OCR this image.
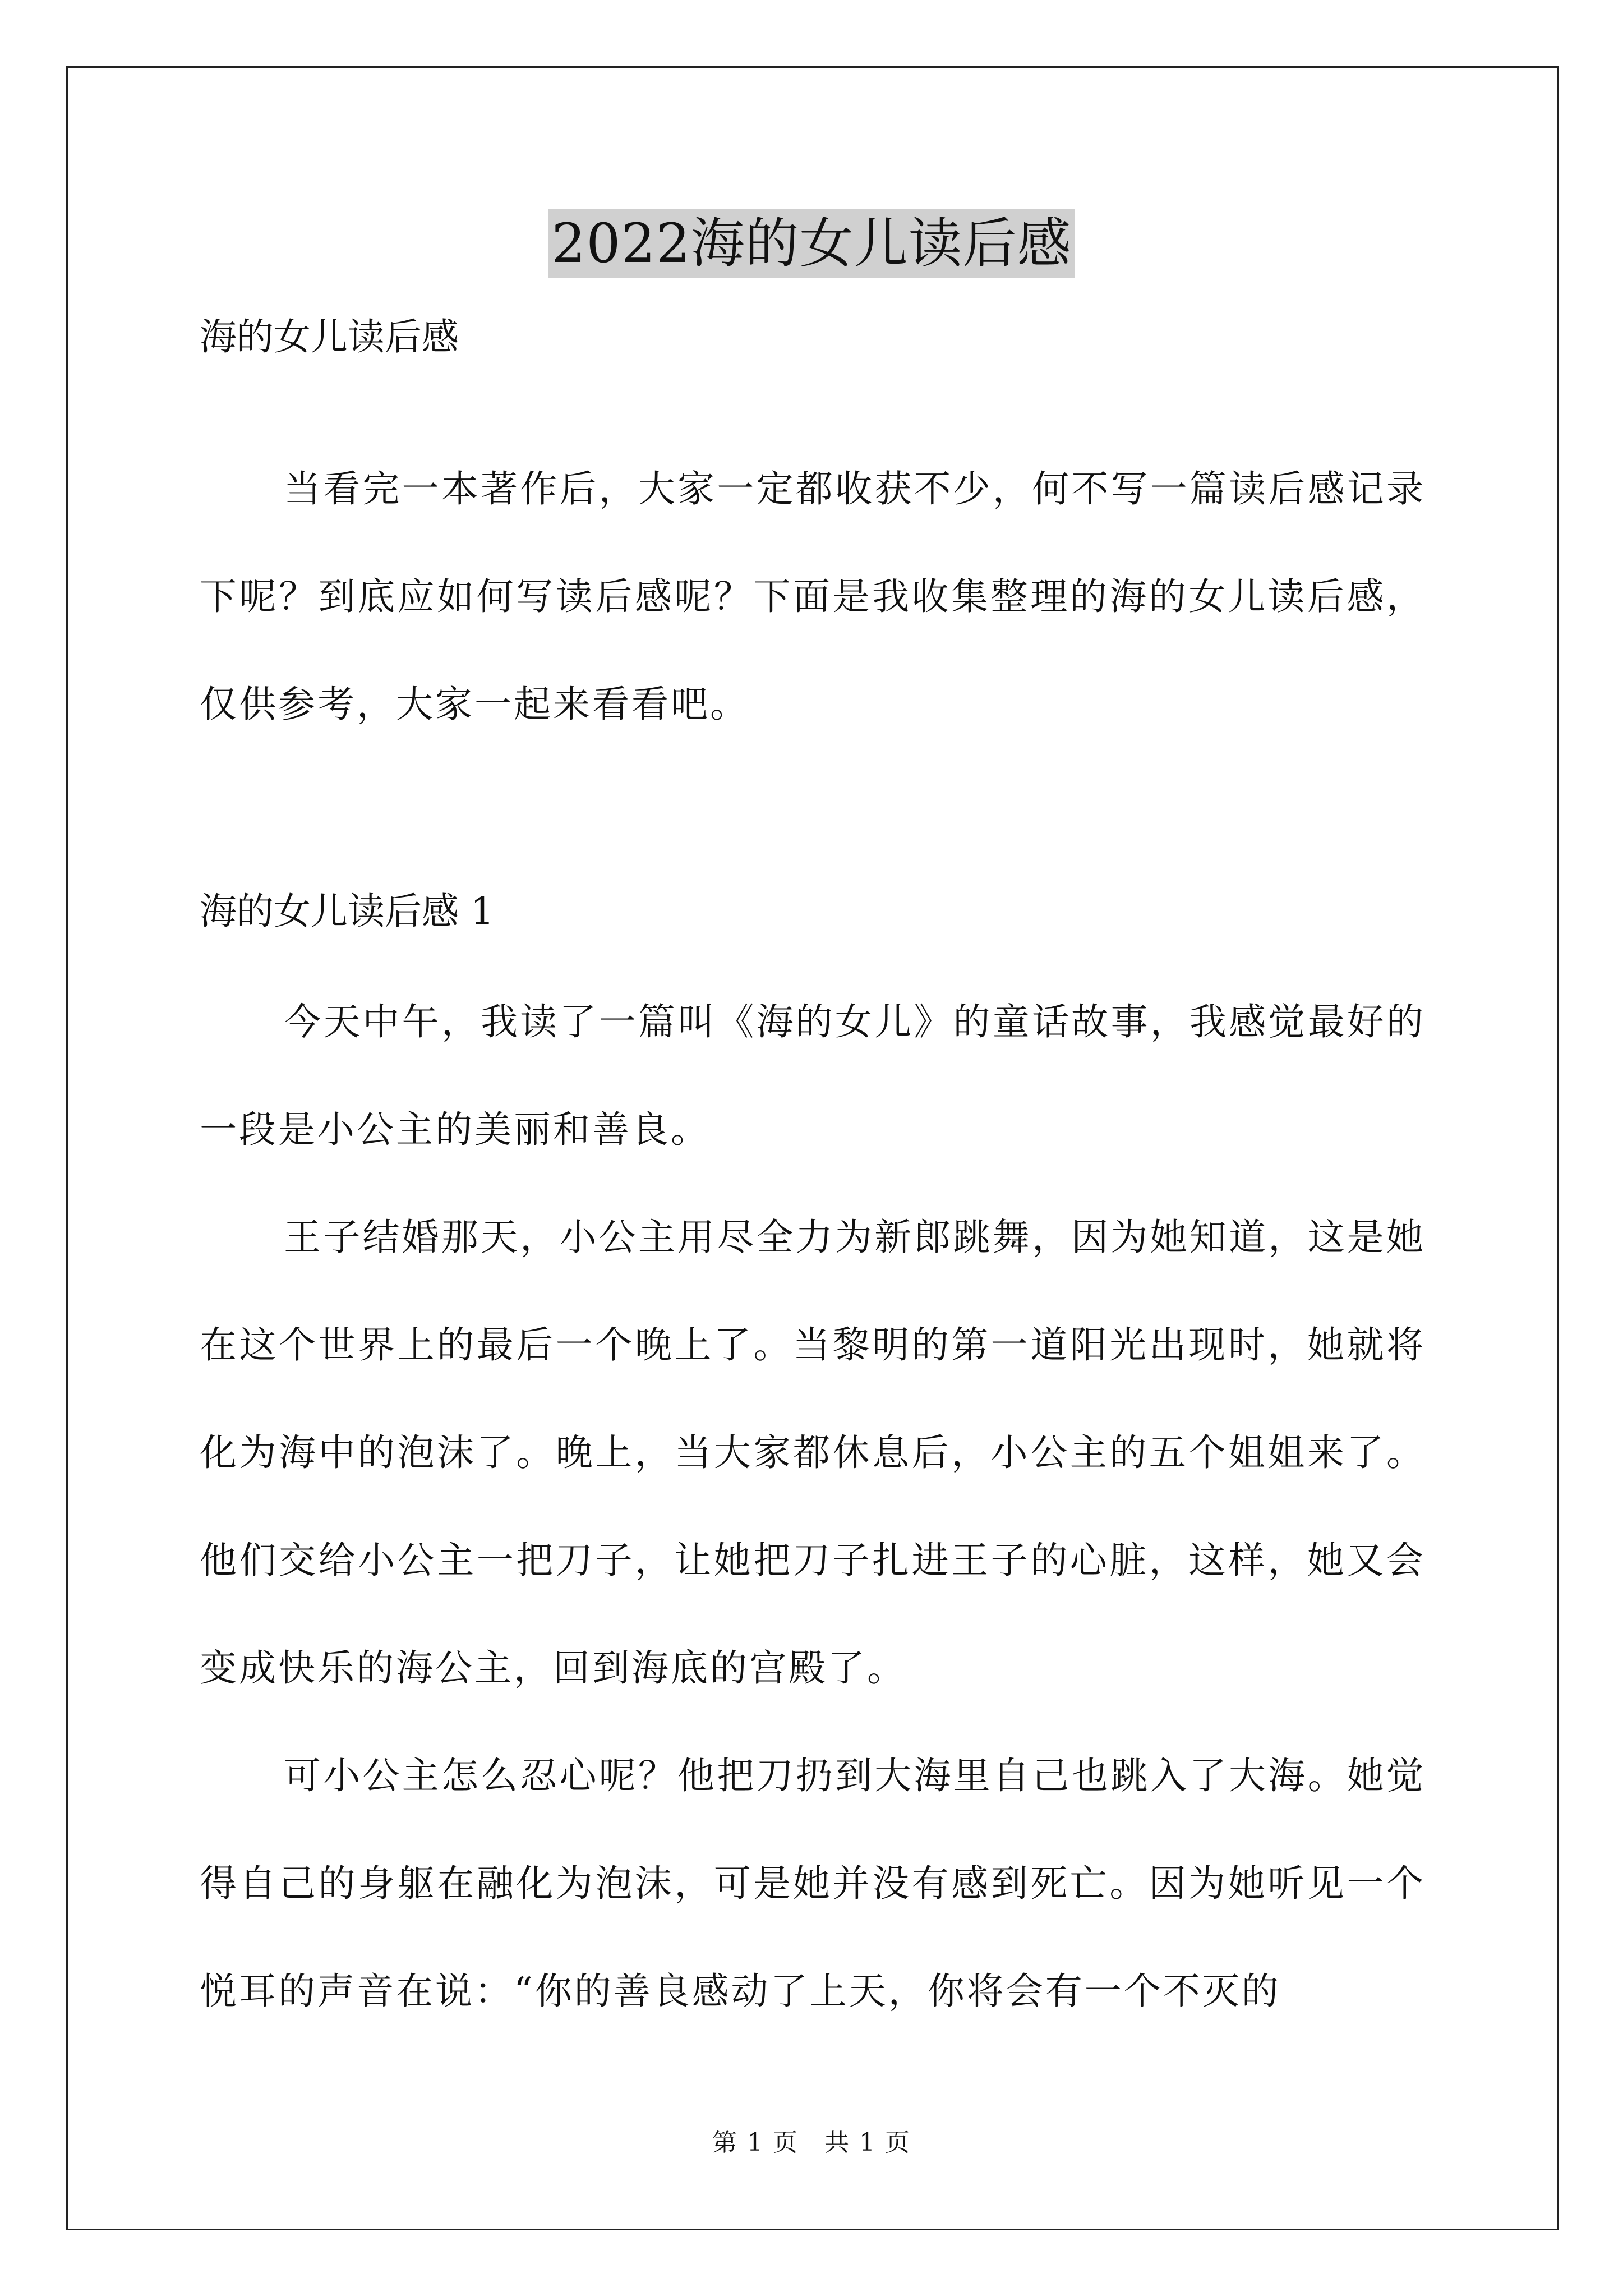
2022海的女儿读后感
海的女儿读后感
当看完一本著作后，大家一定都收获不少，何不写一篇读后感记录下呢？到底应如何写读后感呢？下面是我收集整理的海的女儿读后感，仅供参考，大家一起来看看吧。
海的女儿读后感 1
今天中午，我读了一篇叫《海的女儿》的童话故事，我感觉最好的一段是小公主的美丽和善良。
王子结婚那天，小公主用尽全力为新郎跳舞，因为她知道，这是她在这个世界上的最后一个晚上了。当黎明的第一道阳光出现时，她就将化为海中的泡沫了。晚上，当大家都休息后，小公主的五个姐姐来了。他们交给小公主一把刀子，让她把刀子扎进王子的心脏，这样，她又会变成快乐的海公主，回到海底的宫殿了。
可小公主怎么忍心呢？他把刀扔到大海里自己也跳入了大海。她觉得自己的身躯在融化为泡沫，可是她并没有感到死亡。因为她听见一个悦耳的声音在说：“你的善良感动了上天，你将会有一个不灭的
第 1 页　共 1 页
